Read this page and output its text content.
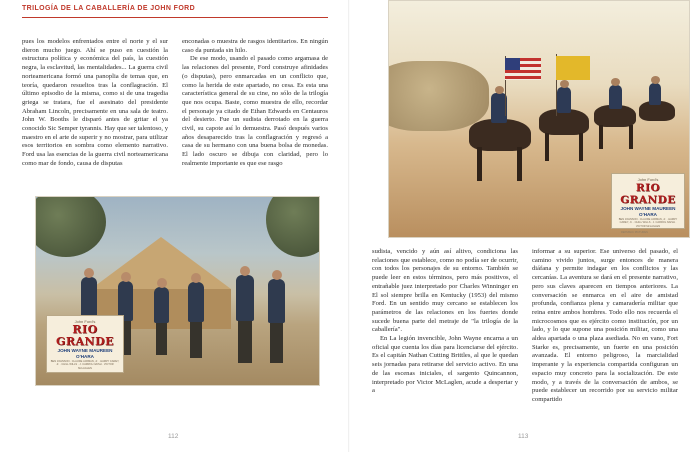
TRILOGÍA DE LA CABALLERÍA DE JOHN FORD

pues los modelos enfrentados entre el norte y el sur dieron mucho juego. Ahí se puso en cuestión la estructura política y económica del país, la cuestión negra, la esclavitud, las mentalidades... La guerra civil norteamericana formó una panoplia de temas que, en teoría, quedaron resueltos tras la conflagración. El último episodio de la misma, como si de una tragedia griega se tratara, fue el asesinato del presidente Abraham Lincoln, precisamente en una sala de teatro. John W. Booths le disparó antes de gritar el ya conocido Sic Semper tyrannis. Hay que ser talentoso, y maestro en el arte de superir y no mostrar, para utilizar esos territorios en sombra como elemento narrativo. Ford usa las esencias de la guerra civil norteamericana como mar de fondo, causa de disputas

enconadas o muestra de rasgos identitarios. En ningún caso da puntada sin hilo.

De ese modo, usando el pasado como argamasa de las relaciones del presente, Ford construye afinidades (o disputas), pero enmarcadas en un conflicto que, como la herida de este apartado, no cesa. Es esta una característica general de su cine, no sólo de la trilogía que nos ocupa. Baste, como muestra de ello, recordar el personaje ya citado de Ethan Edwards en Centauros del desierto. Fue un sudista derrotado en la guerra civil, su capote así lo demuestra. Pasó después varios años desaparecido tras la conflagración y regresó a casa de su hermano con una buena bolsa de monedas. El lado oscuro se dibuja con claridad, pero lo realmente importante es que ese rasgo

John Ford's
RIO GRANDE
JOHN WAYNE MAUREEN O'HARA
BEN JOHNSON · CLAUDE JARMAN, Jr. · HARRY CAREY, Jr. · CHILL WILLS · J. CARROL NAISH · VICTOR McLAGLEN
112
John Ford's
RIO GRANDE
JOHN WAYNE MAUREEN O'HARA
BEN JOHNSON · CLAUDE JARMAN, Jr. · HARRY CAREY, Jr. · CHILL WILLS · J. CARROL NAISH · VICTOR McLAGLEN
REPUBLIC PICTURES

sudista, vencido y aún así altivo, condiciona las relaciones que establece, como no podía ser de ocurrir, con todos los personajes de su entorno. También se puede leer en estos términos, pero más positivos, el entrañable juez interpretado por Charles Winninger en El sol siempre brilla en Kentucky (1953) del mismo Ford. En un sentido muy cercano se establecen los parámetros de las relaciones en los fuertes donde sucede buena parte del metraje de "la trilogía de la caballería".

En La legión invencible, John Wayne encarna a un oficial que cuenta los días para licenciarse del ejército. Es el capitán Nathan Cutting Brittles, al que le quedan seis jornadas para retirarse del servicio activo. En una de las escenas iniciales, el sargento Quincannon, interpretado por Victor McLaglen, acude a despertar y a

informar a su superior. Ese universo del pasado, el camino vivido juntos, surge entonces de manera diáfana y permite indagar en los conflictos y las cercanías. La aventura se dará en el presente narrativo, pero sus claves aparecen en tiempos anteriores. La conversación se enmarca en el aire de amistad profunda, confianza plena y camaradería militar que reina entre ambos hombres. Todo ello nos recuerda el microcosmos que es ejército como institución, por un lado, y lo que supone una posición militar, como una aldea apartada o una plaza asediada. No en vano, Fort Starke es, precisamente, un fuerte en una posición avanzada. El entorno peligroso, la marcialidad imperante y la experiencia compartida configuran un espacio muy concreto para la socialización. De este modo, y a través de la conversación de ambos, se puede establecer un recorrido por su servicio militar compartido

113
